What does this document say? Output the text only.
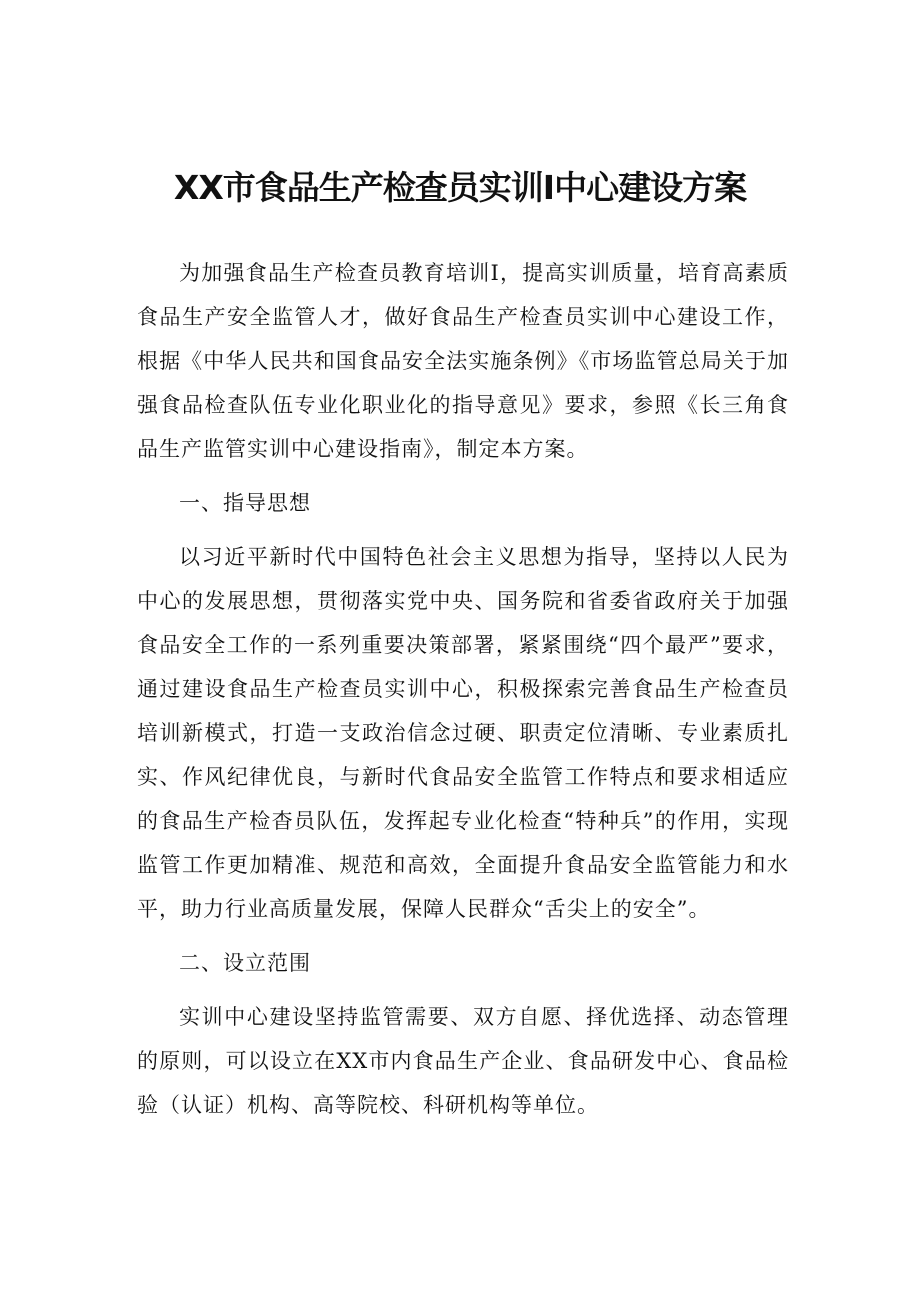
XX市食品生产检查员实训I中心建设方案

为加强食品生产检查员教育培训I，提高实训质量，培育高素质食品生产安全监管人才，做好食品生产检查员实训中心建设工作，根据《中华人民共和国食品安全法实施条例》《市场监管总局关于加强食品检查队伍专业化职业化的指导意见》要求，参照《长三角食品生产监管实训中心建设指南》，制定本方案。

一、指导思想

以习近平新时代中国特色社会主义思想为指导，坚持以人民为中心的发展思想，贯彻落实党中央、国务院和省委省政府关于加强食品安全工作的一系列重要决策部署，紧紧围绕“四个最严”要求，通过建设食品生产检查员实训中心，积极探索完善食品生产检查员培训新模式，打造一支政治信念过硬、职责定位清晰、专业素质扎实、作风纪律优良，与新时代食品安全监管工作特点和要求相适应的食品生产检杳员队伍，发挥起专业化检查“特种兵”的作用，实现监管工作更加精准、规范和高效，全面提升食品安全监管能力和水平，助力行业高质量发展，保障人民群众“舌尖上的安全”。

二、设立范围

实训中心建设坚持监管需要、双方自愿、择优选择、动态管理的原则，可以设立在XX市内食品生产企业、食品研发中心、食品检验（认证）机构、高等院校、科研机构等单位。
